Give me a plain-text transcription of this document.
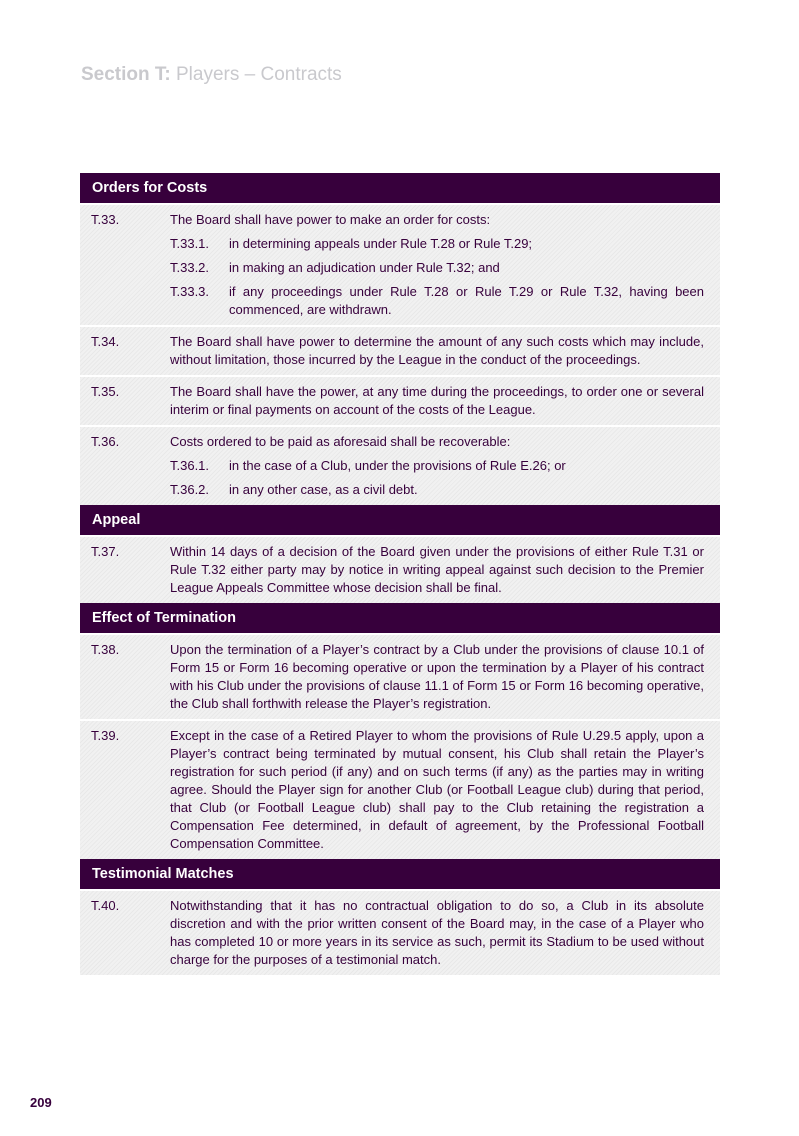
Section T: Players – Contracts
Orders for Costs
T.33.	The Board shall have power to make an order for costs:
T.33.1.	in determining appeals under Rule T.28 or Rule T.29;
T.33.2.	in making an adjudication under Rule T.32; and
T.33.3.	if any proceedings under Rule T.28 or Rule T.29 or Rule T.32, having been commenced, are withdrawn.
T.34.	The Board shall have power to determine the amount of any such costs which may include, without limitation, those incurred by the League in the conduct of the proceedings.
T.35.	The Board shall have the power, at any time during the proceedings, to order one or several interim or final payments on account of the costs of the League.
T.36.	Costs ordered to be paid as aforesaid shall be recoverable:
T.36.1.	in the case of a Club, under the provisions of Rule E.26; or
T.36.2.	in any other case, as a civil debt.
Appeal
T.37.	Within 14 days of a decision of the Board given under the provisions of either Rule T.31 or Rule T.32 either party may by notice in writing appeal against such decision to the Premier League Appeals Committee whose decision shall be final.
Effect of Termination
T.38.	Upon the termination of a Player’s contract by a Club under the provisions of clause 10.1 of Form 15 or Form 16 becoming operative or upon the termination by a Player of his contract with his Club under the provisions of clause 11.1 of Form 15 or Form 16 becoming operative, the Club shall forthwith release the Player’s registration.
T.39.	Except in the case of a Retired Player to whom the provisions of Rule U.29.5 apply, upon a Player’s contract being terminated by mutual consent, his Club shall retain the Player’s registration for such period (if any) and on such terms (if any) as the parties may in writing agree. Should the Player sign for another Club (or Football League club) during that period, that Club (or Football League club) shall pay to the Club retaining the registration a Compensation Fee determined, in default of agreement, by the Professional Football Compensation Committee.
Testimonial Matches
T.40.	Notwithstanding that it has no contractual obligation to do so, a Club in its absolute discretion and with the prior written consent of the Board may, in the case of a Player who has completed 10 or more years in its service as such, permit its Stadium to be used without charge for the purposes of a testimonial match.
209
